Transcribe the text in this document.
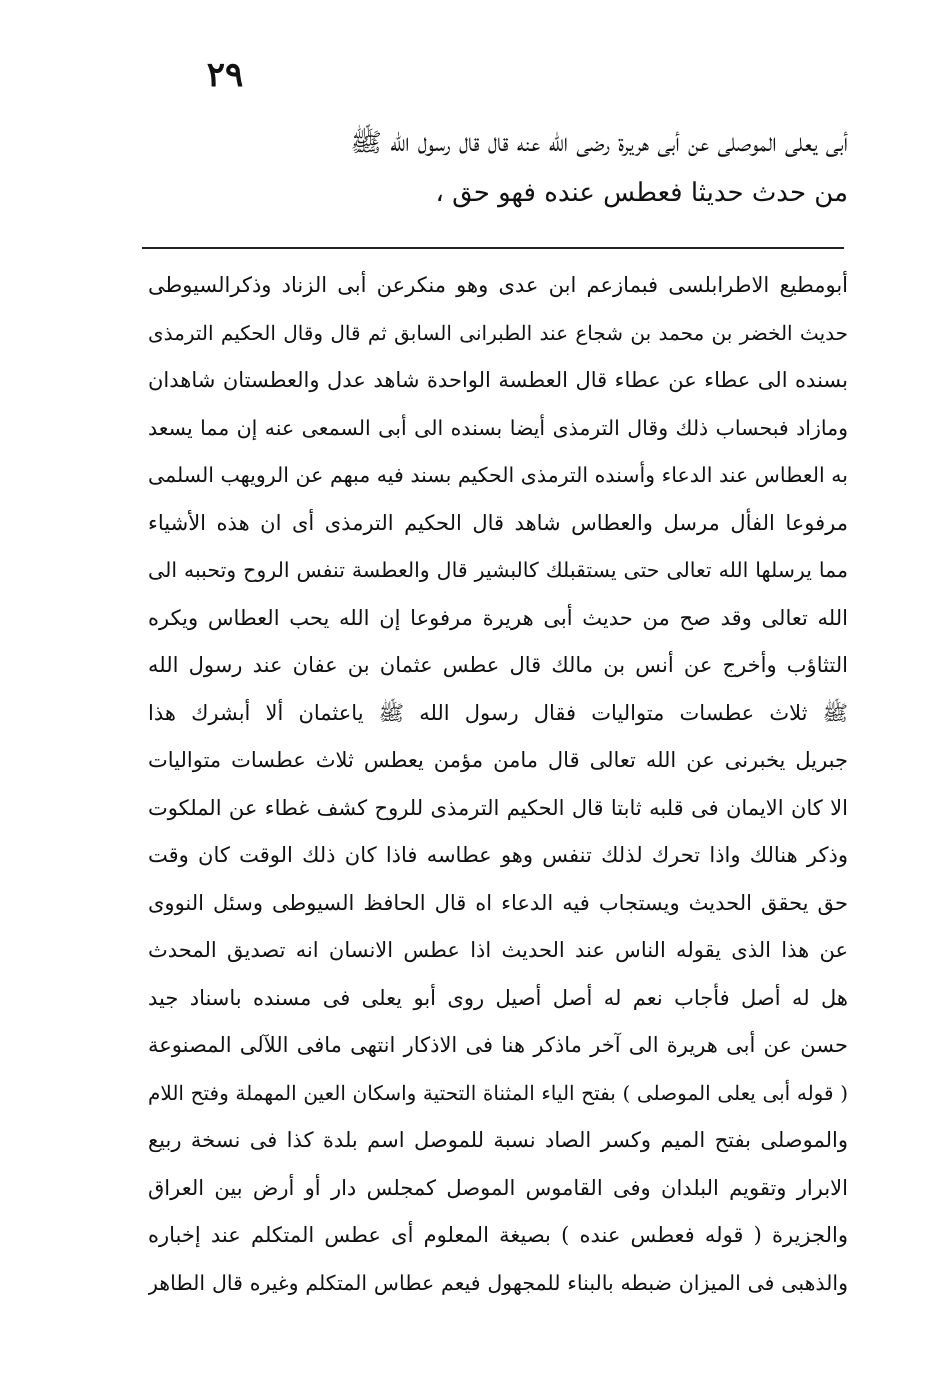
٢٩
أبى يعلى الموصلى عن أبى هريرة رضى الله عنه قال قال رسول الله ﷺ
من حدث حديثا فعطس عنده فهو حق ،
أبومطيع الاطرابلسى فبمازعم ابن عدى وهو منكرعن أبى الزناد وذكرالسيوطى
حديث الخضر بن محمد بن شجاع عند الطبرانى السابق ثم قال وقال الحكيم الترمذى
بسنده الى عطاء عن عطاء قال العطسة الواحدة شاهد عدل والعطستان شاهدان
ومازاد فبحساب ذلك وقال الترمذى أيضا بسنده الى أبى السمعى عنه إن مما يسعد
به العطاس عند الدعاء وأسنده الترمذى الحكيم بسند فيه مبهم عن الرويهب السلمى
مرفوعا الفأل مرسل والعطاس شاهد قال الحكيم الترمذى أى ان هذه الأشياء
مما يرسلها الله تعالى حتى يستقبلك كالبشير قال والعطسة تنفس الروح وتحببه الى
الله تعالى وقد صح من حديث أبى هريرة مرفوعا إن الله يحب العطاس ويكره
التثاؤب وأخرج عن أنس بن مالك قال عطس عثمان بن عفان عند رسول الله
ﷺ ثلاث عطسات متواليات فقال رسول الله ﷺ ياعثمان ألا أبشرك هذا
جبريل يخبرنى عن الله تعالى قال مامن مؤمن يعطس ثلاث عطسات متواليات
الا كان الايمان فى قلبه ثابتا قال الحكيم الترمذى للروح كشف غطاء عن الملكوت
وذكر هنالك واذا تحرك لذلك تنفس وهو عطاسه فاذا كان ذلك الوقت كان وقت
حق يحقق الحديث ويستجاب فيه الدعاء اه قال الحافظ السيوطى وسئل النووى
عن هذا الذى يقوله الناس عند الحديث اذا عطس الانسان انه تصديق المحدث
هل له أصل فأجاب نعم له أصل أصيل روى أبو يعلى فى مسنده باسناد جيد
حسن عن أبى هريرة الى آخر ماذكر هنا فى الاذكار انتهى مافى اللآلى المصنوعة
( قوله أبى يعلى الموصلى ) بفتح الياء المثناة التحتية واسكان العين المهملة وفتح اللام
والموصلى بفتح الميم وكسر الصاد نسبة للموصل اسم بلدة كذا فى نسخة ربيع
الابرار وتقويم البلدان وفى القاموس الموصل كمجلس دار أو أرض بين العراق
والجزيرة ( قوله فعطس عنده ) بصيغة المعلوم أى عطس المتكلم عند إخباره
والذهبى فى الميزان ضبطه بالبناء للمجهول فيعم عطاس المتكلم وغيره قال الطاهر
